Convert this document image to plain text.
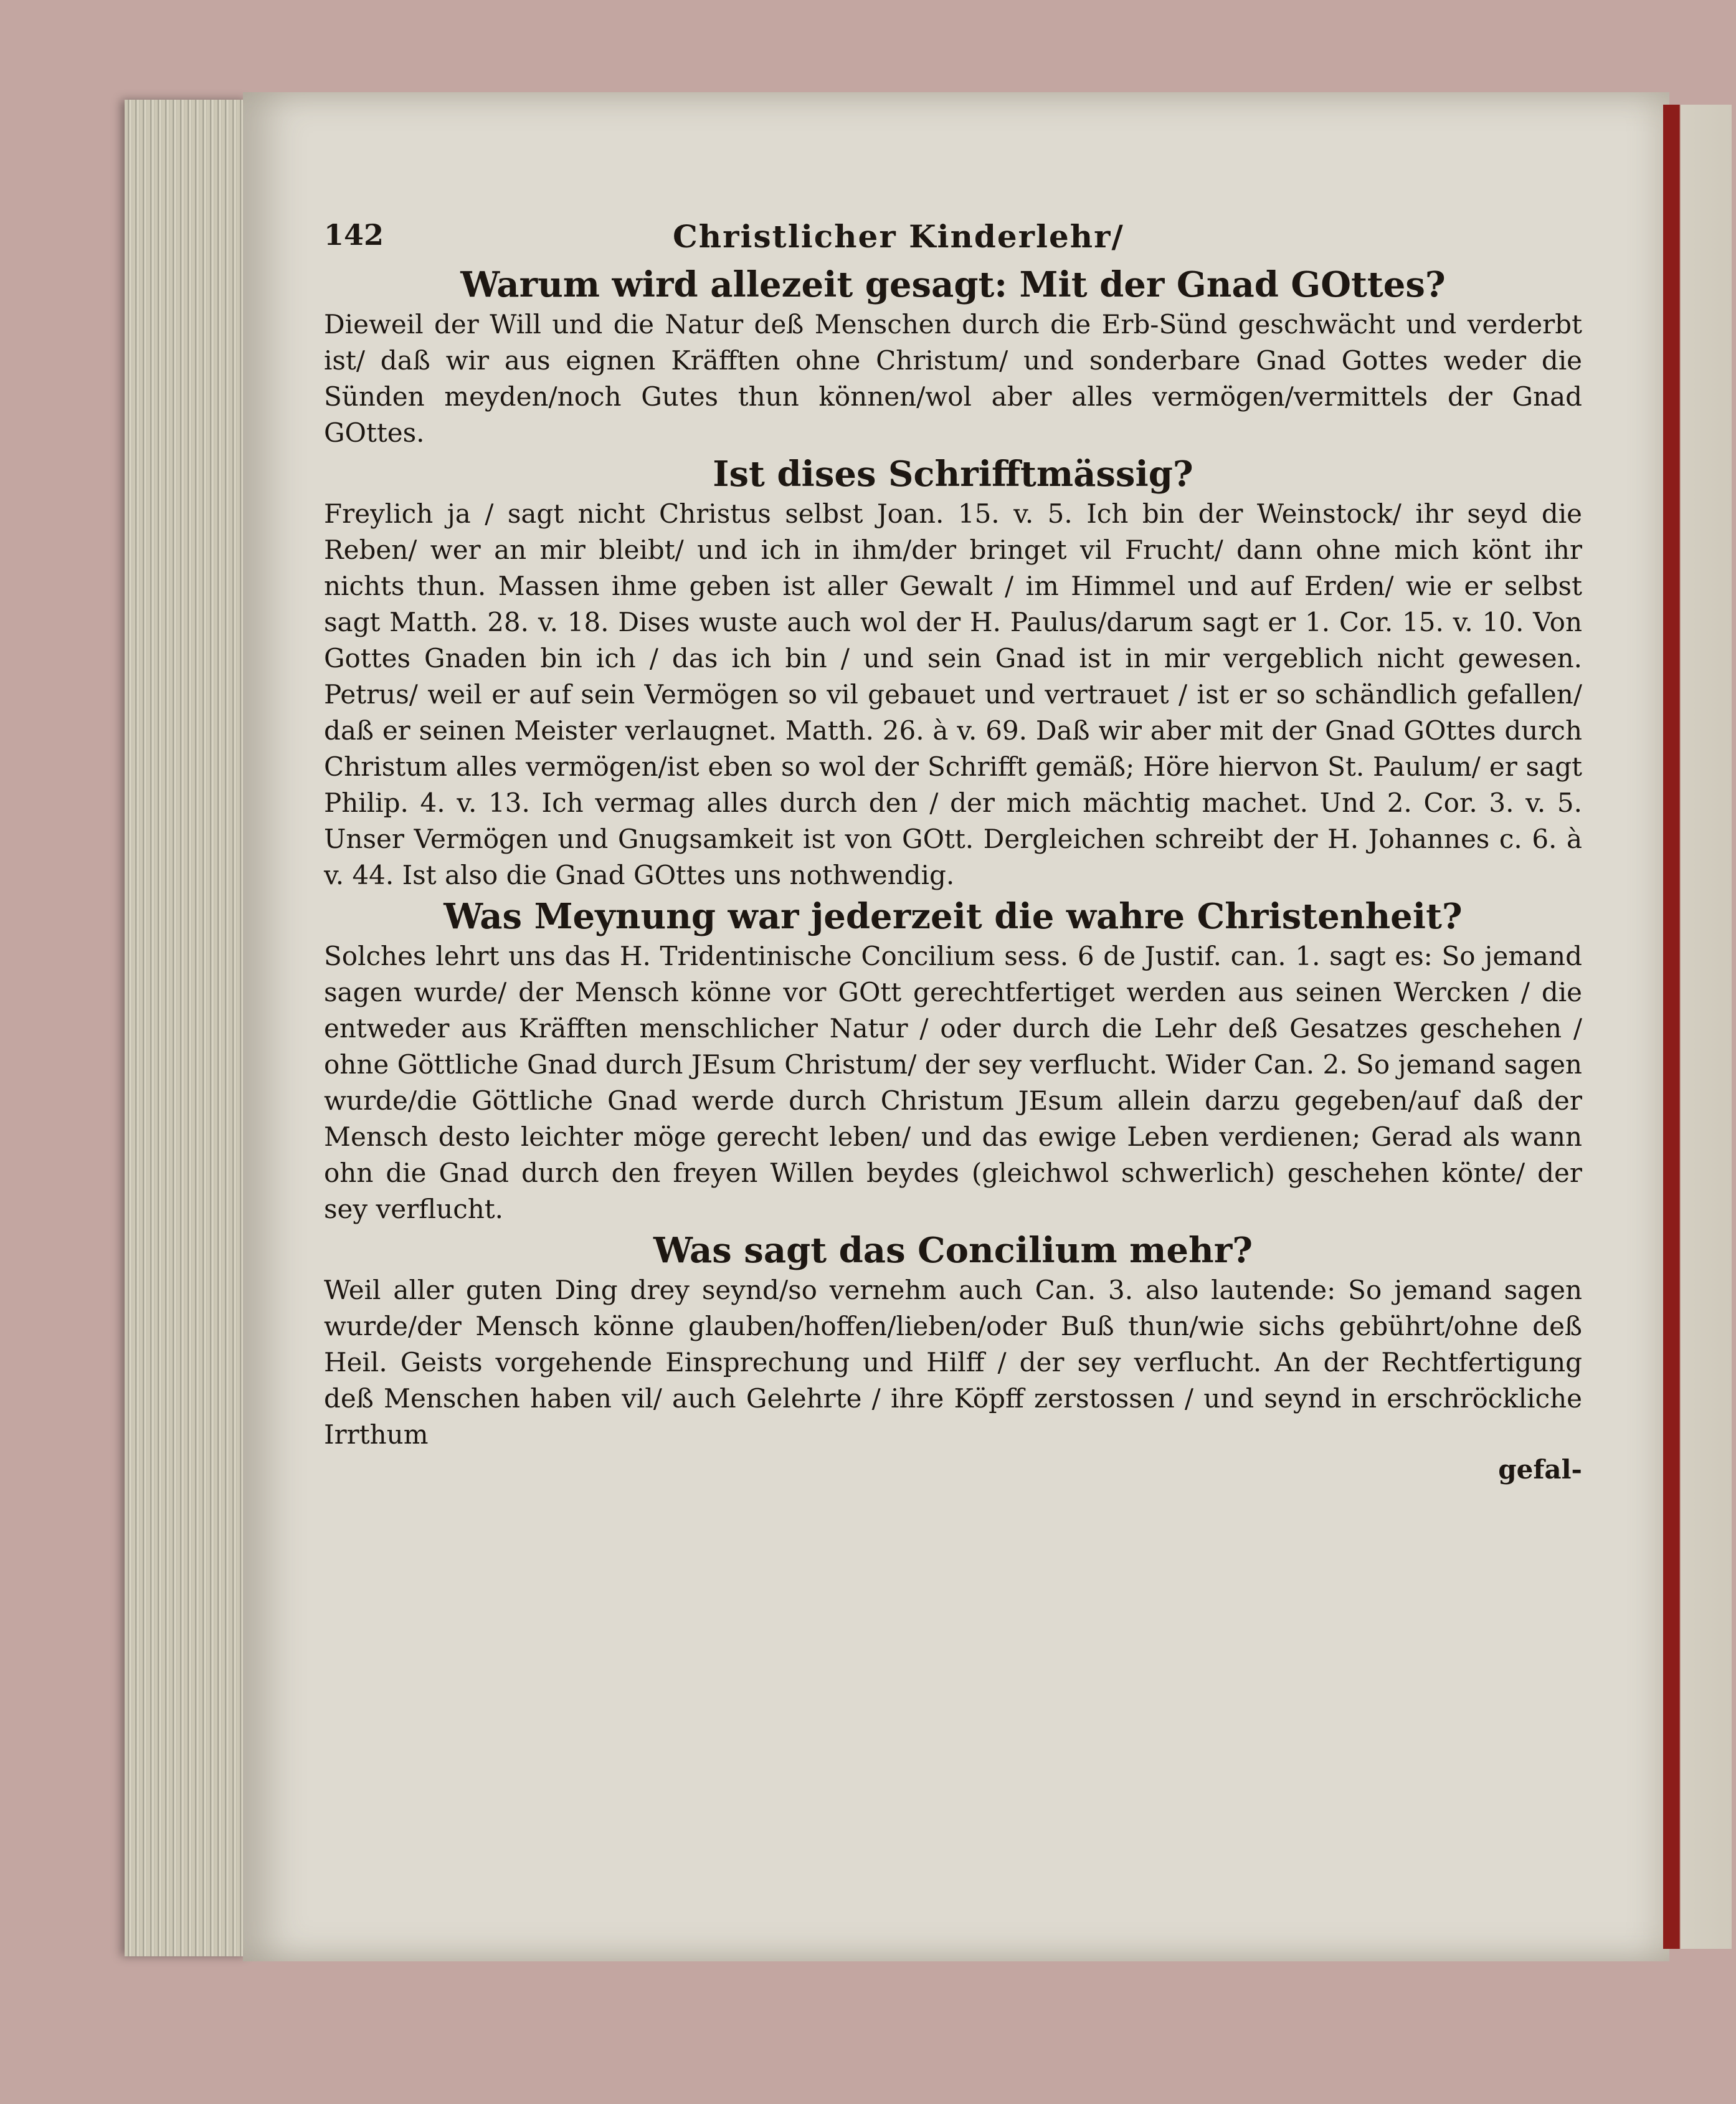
142	Christlicher Kinderlehr/
Warum wird allezeit gesagt: Mit der Gnad GOttes?

Dieweil der Will und die Natur deß Menschen durch die Erb-Sünd geschwächt und verderbt ist/ daß wir aus eignen Kräfften ohne Christum/ und sonderbare Gnad Gottes weder die Sünden meyden/noch Gutes thun können/wol aber alles vermögen/vermittels der Gnad GOttes.

Ist dises Schrifftmässig?

Freylich ja / sagt nicht Christus selbst Joan. 15. v. 5. Ich bin der Weinstock/ ihr seyd die Reben/ wer an mir bleibt/ und ich in ihm/der bringet vil Frucht/ dann ohne mich könt ihr nichts thun. Massen ihme geben ist aller Gewalt / im Himmel und auf Erden/ wie er selbst sagt Matth. 28. v. 18. Dises wuste auch wol der H. Paulus/darum sagt er 1. Cor. 15. v. 10. Von Gottes Gnaden bin ich / das ich bin / und sein Gnad ist in mir vergeblich nicht gewesen. Petrus/ weil er auf sein Vermögen so vil gebauet und vertrauet / ist er so schändlich gefallen/ daß er seinen Meister verlaugnet. Matth. 26. à v. 69. Daß wir aber mit der Gnad GOttes durch Christum alles vermögen/ist eben so wol der Schrifft gemäß; Höre hiervon St. Paulum/ er sagt Philip. 4. v. 13. Ich vermag alles durch den / der mich mächtig machet. Und 2. Cor. 3. v. 5. Unser Vermögen und Gnugsamkeit ist von GOtt. Dergleichen schreibt der H. Johannes c. 6. à v. 44. Ist also die Gnad GOttes uns nothwendig.

Was Meynung war jederzeit die wahre Christenheit?

Solches lehrt uns das H. Tridentinische Concilium sess. 6 de Justif. can. 1. sagt es: So jemand sagen wurde/ der Mensch könne vor GOtt gerechtfertiget werden aus seinen Wercken / die entweder aus Kräfften menschlicher Natur / oder durch die Lehr deß Gesatzes geschehen / ohne Göttliche Gnad durch JEsum Christum/ der sey verflucht. Wider Can. 2. So jemand sagen wurde/die Göttliche Gnad werde durch Christum JEsum allein darzu gegeben/auf daß der Mensch desto leichter möge gerecht leben/ und das ewige Leben verdienen; Gerad als wann ohn die Gnad durch den freyen Willen beydes (gleichwol schwerlich) geschehen könte/ der sey verflucht.

Was sagt das Concilium mehr?

Weil aller guten Ding drey seynd/so vernehm auch Can. 3. also lautende: So jemand sagen wurde/der Mensch könne glauben/hoffen/lieben/oder Buß thun/wie sichs gebührt/ohne deß Heil. Geists vorgehende Einsprechung und Hilff / der sey verflucht. An der Rechtfertigung deß Menschen haben vil/ auch Gelehrte / ihre Köpff zerstossen / und seynd in erschröckliche Irrthum

gefal-
